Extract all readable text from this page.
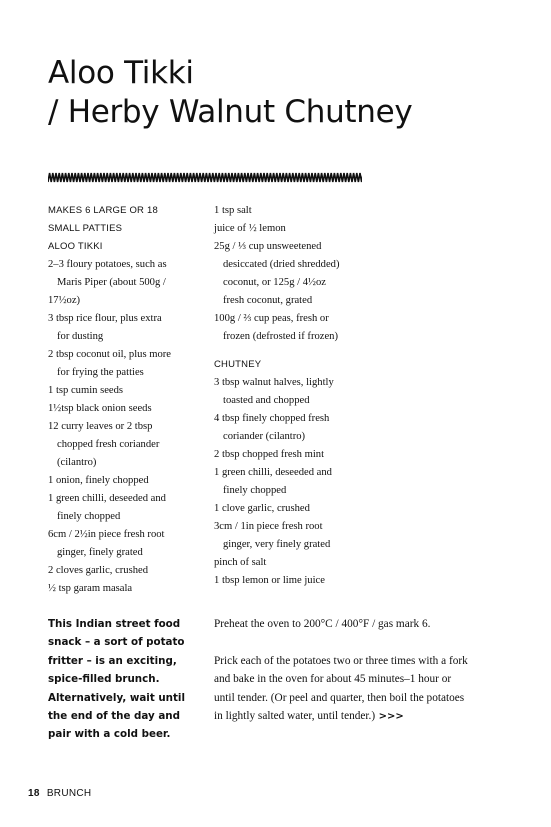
Aloo Tikki
/ Herby Walnut Chutney
MAKES 6 LARGE OR 18
SMALL PATTIES
ALOO TIKKI
2–3 floury potatoes, such as
Maris Piper (about 500g /
17½oz)
3 tbsp rice flour, plus extra
for dusting
2 tbsp coconut oil, plus more
for frying the patties
1 tsp cumin seeds
1½tsp black onion seeds
12 curry leaves or 2 tbsp
chopped fresh coriander
(cilantro)
1 onion, finely chopped
1 green chilli, deseeded and
finely chopped
6cm / 2½in piece fresh root
ginger, finely grated
2 cloves garlic, crushed
½ tsp garam masala
1 tsp salt
juice of ½ lemon
25g / ⅓ cup unsweetened
desiccated (dried shredded)
coconut, or 125g / 4½oz
fresh coconut, grated
100g / ⅔ cup peas, fresh or
frozen (defrosted if frozen)
CHUTNEY
3 tbsp walnut halves, lightly
toasted and chopped
4 tbsp finely chopped fresh
coriander (cilantro)
2 tbsp chopped fresh mint
1 green chilli, deseeded and
finely chopped
1 clove garlic, crushed
3cm / 1in piece fresh root
ginger, very finely grated
pinch of salt
1 tbsp lemon or lime juice
This Indian street food
snack – a sort of potato
fritter – is an exciting,
spice-filled brunch.
Alternatively, wait until
the end of the day and
pair with a cold beer.
Preheat the oven to 200°C / 400°F / gas mark 6.
Prick each of the potatoes two or three times with a fork
and bake in the oven for about 45 minutes–1 hour or
until tender. (Or peel and quarter, then boil the potatoes
in lightly salted water, until tender.) >>>
18 BRUNCH
